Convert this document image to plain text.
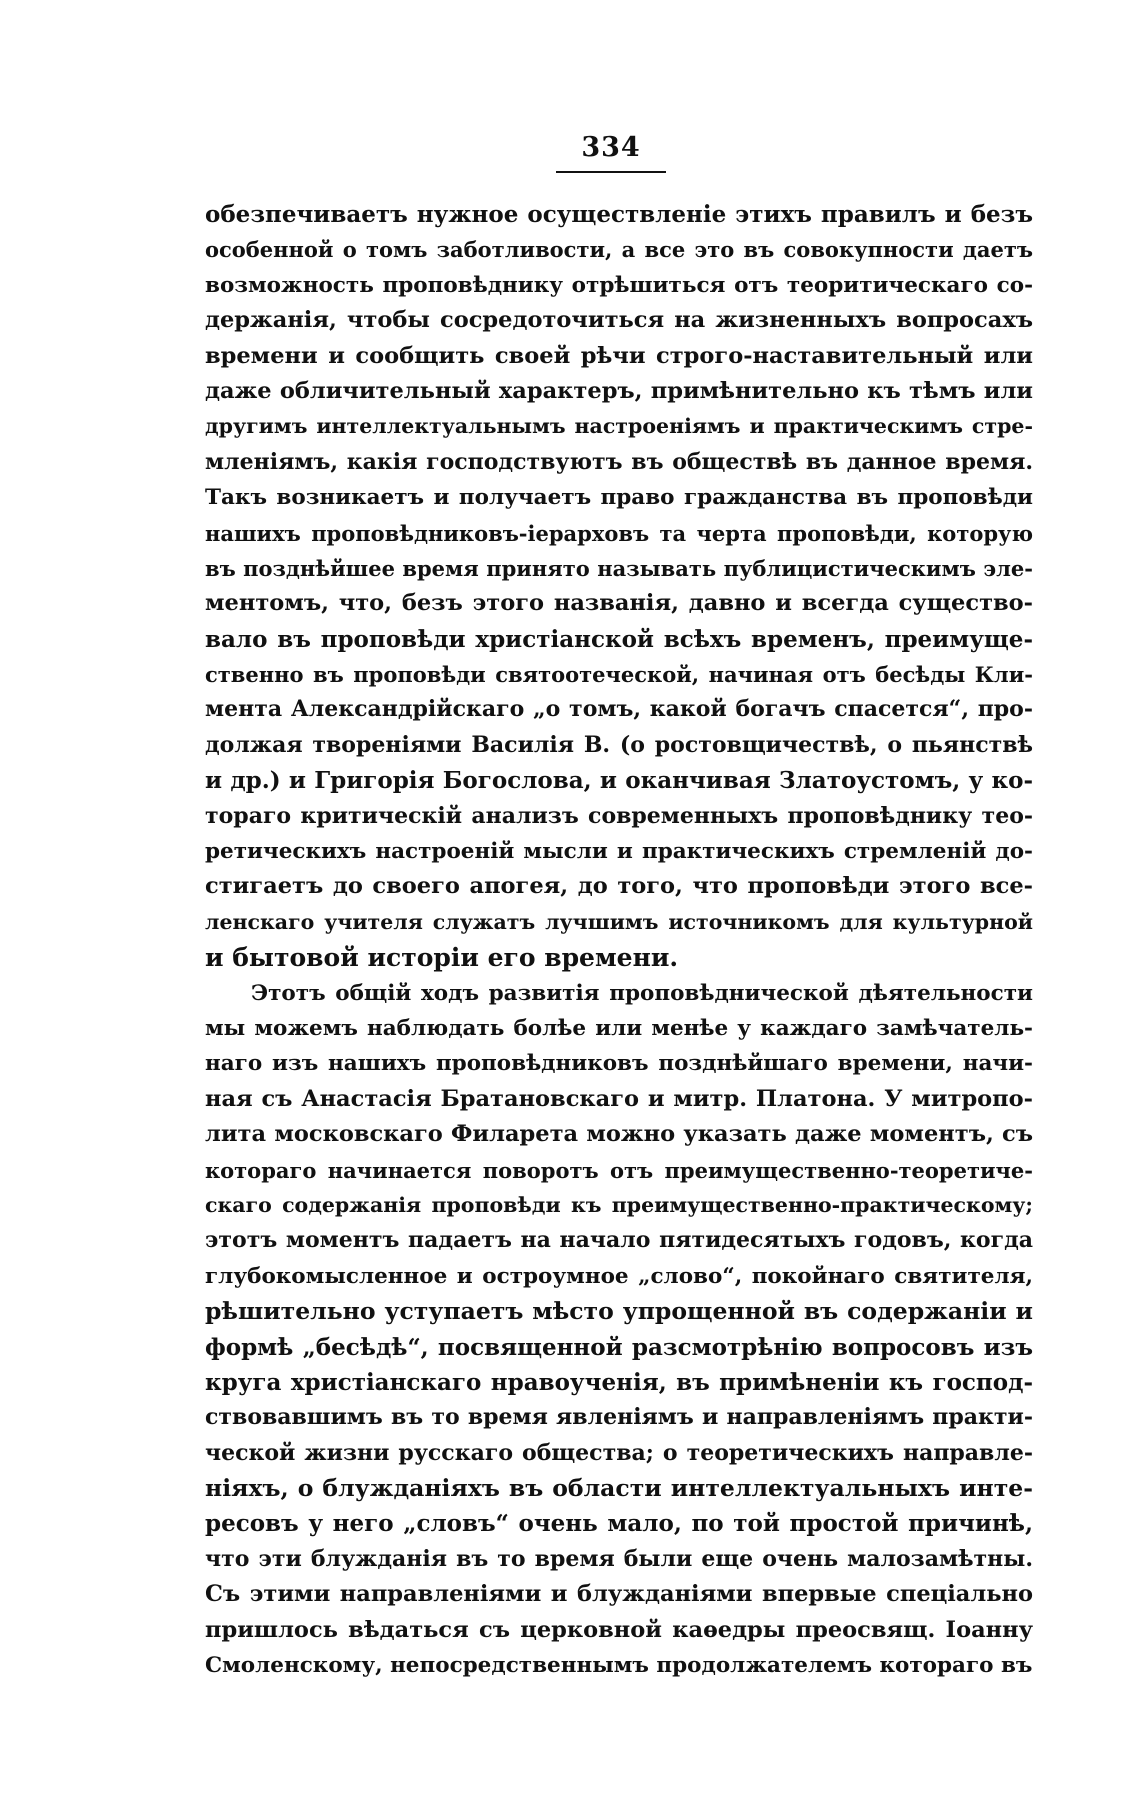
334
обезпечиваетъ нужное осуществленіе этихъ правилъ и безъ
особенной о томъ заботливости, а все это въ совокупности даетъ
возможность проповѣднику отрѣшиться отъ теоритическаго со-
держанія, чтобы сосредоточиться на жизненныхъ вопросахъ
времени и сообщить своей рѣчи строго-наставительный или
даже обличительный характеръ, примѣнительно къ тѣмъ или
другимъ интеллектуальнымъ настроеніямъ и практическимъ стре-
мленіямъ, какія господствуютъ въ обществѣ въ данное время.
Такъ возникаетъ и получаетъ право гражданства въ проповѣди
нашихъ проповѣдниковъ-іерарховъ та черта проповѣди, которую
въ позднѣйшее время принято называть публицистическимъ эле-
ментомъ, что, безъ этого названія, давно и всегда существо-
вало въ проповѣди христіанской всѣхъ временъ, преимуще-
ственно въ проповѣди святоотеческой, начиная отъ бесѣды Кли-
мента Александрійскаго „о томъ, какой богачъ спасется“, про-
должая твореніями Василія В. (о ростовщичествѣ, о пьянствѣ
и др.) и Григорія Богослова, и оканчивая Златоустомъ, у ко-
тораго критическій анализъ современныхъ проповѣднику тео-
ретическихъ настроеній мысли и практическихъ стремленій до-
стигаетъ до своего апогея, до того, что проповѣди этого все-
ленскаго учителя служатъ лучшимъ источникомъ для культурной
и бытовой исторіи его времени.
Этотъ общій ходъ развитія проповѣднической дѣятельности
мы можемъ наблюдать болѣе или менѣе у каждаго замѣчатель-
наго изъ нашихъ проповѣдниковъ позднѣйшаго времени, начи-
ная съ Анастасія Братановскаго и митр. Платона. У митропо-
лита московскаго Филарета можно указать даже моментъ, съ
котораго начинается поворотъ отъ преимущественно-теоретиче-
скаго содержанія проповѣди къ преимущественно-практическому;
этотъ моментъ падаетъ на начало пятидесятыхъ годовъ, когда
глубокомысленное и остроумное „слово“, покойнаго святителя,
рѣшительно уступаетъ мѣсто упрощенной въ содержаніи и
формѣ „бесѣдѣ“, посвященной разсмотрѣнію вопросовъ изъ
круга христіанскаго нравоученія, въ примѣненіи къ господ-
ствовавшимъ въ то время явленіямъ и направленіямъ практи-
ческой жизни русскаго общества; о теоретическихъ направле-
ніяхъ, о блужданіяхъ въ области интеллектуальныхъ инте-
ресовъ у него „словъ“ очень мало, по той простой причинѣ,
что эти блужданія въ то время были еще очень малозамѣтны.
Съ этими направленіями и блужданіями впервые спеціально
пришлось вѣдаться съ церковной каѳедры преосвящ. Іоанну
Смоленскому, непосредственнымъ продолжателемъ котораго въ
